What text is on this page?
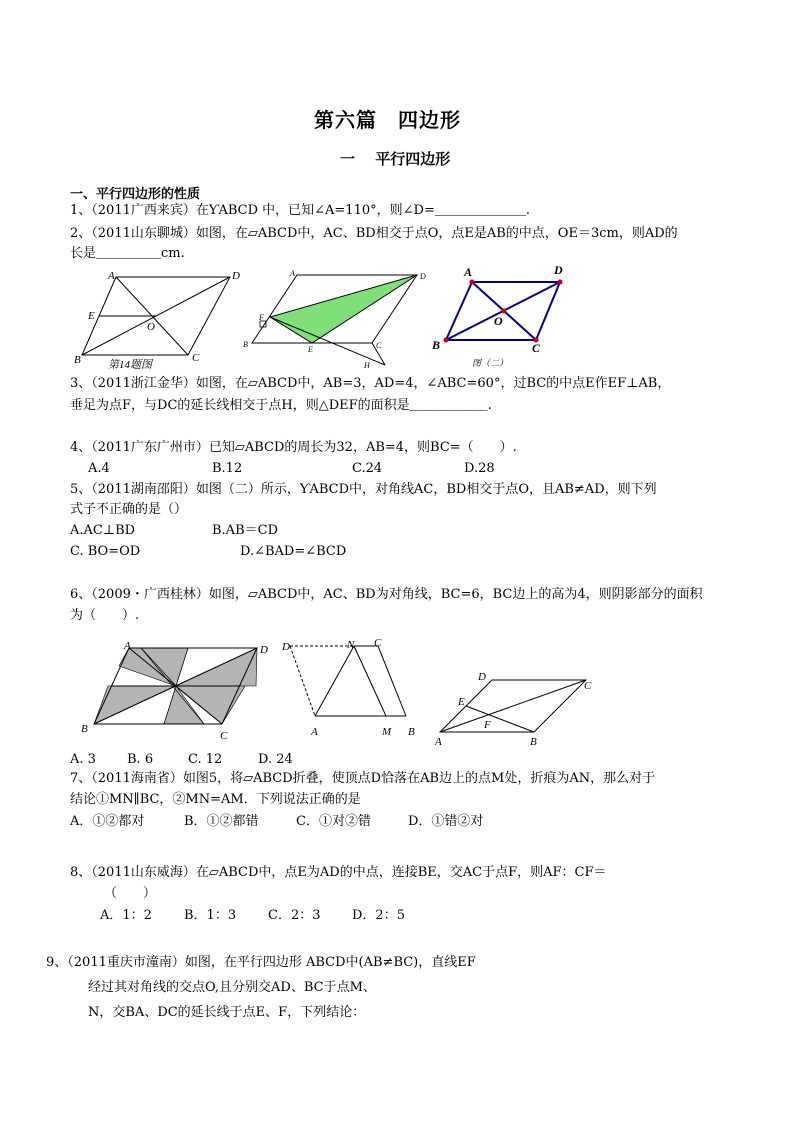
第六篇　四边形
一　 平行四边形
一、平行四边形的性质
1、（2011广西来宾）在ƳABCD 中，已知∠A=110°，则∠D=＿＿＿＿＿＿＿.
2、（2011山东聊城）如图，在▱ABCD中，AC、BD相交于点O，点E是AB的中点，OE＝3cm，则AD的
长是＿＿＿＿＿cm.
A	D
E
O
B	C
第14题图
A	D
F
B
E	C
H
A	D
O
B	C
图（二）
3、（2011浙江金华）如图，在▱ABCD中，AB=3，AD=4，∠ABC=60°，过BC的中点E作EF⊥AB，
垂足为点F，与DC的延长线相交于点H，则△DEF的面积是＿＿＿＿＿＿.
4、（2011广东广州市）已知▱ABCD的周长为32，AB=4，则BC=（　　）.
A.4	B.12	C.24	D.28
5、（2011湖南邵阳）如图（二）所示，ƳABCD中，对角线AC，BD相交于点O，且AB≠AD，则下列
式子不正确的是（）
A.AC⊥BD	B.AB＝CD
C. BO=OD	D.∠BAD=∠BCD
6、（2009・广西桂林）如图，▱ABCD中，AC、BD为对角线，BC=6，BC边上的高为4，则阴影部分的面积
为（　　）.
A	D
B
C
D	N C
A	M B
D
C
E
F
A	B
A. 3 B. 6	C. 12	D. 24
7、（2011海南省）如图5，将▱ABCD折叠，使顶点D恰落在AB边上的点M处，折痕为AN，那么对于
结论①MN∥BC，②MN=AM．下列说法正确的是
A．①②都对	B．①②都错	C．①对②错	D．①错②对
8、（2011山东威海）在▱ABCD中，点E为AD的中点，连接BE，交AC于点F，则AF：CF＝
（　　）
A．1：2 B．1：3 C．2：3 D．2：5
9、（2011重庆市潼南）如图，在平行四边形 ABCD中(AB≠BC)，直线EF
经过其对角线的交点O,且分别交AD、BC于点M、
N，交BA、DC的延长线于点E、F，下列结论：
